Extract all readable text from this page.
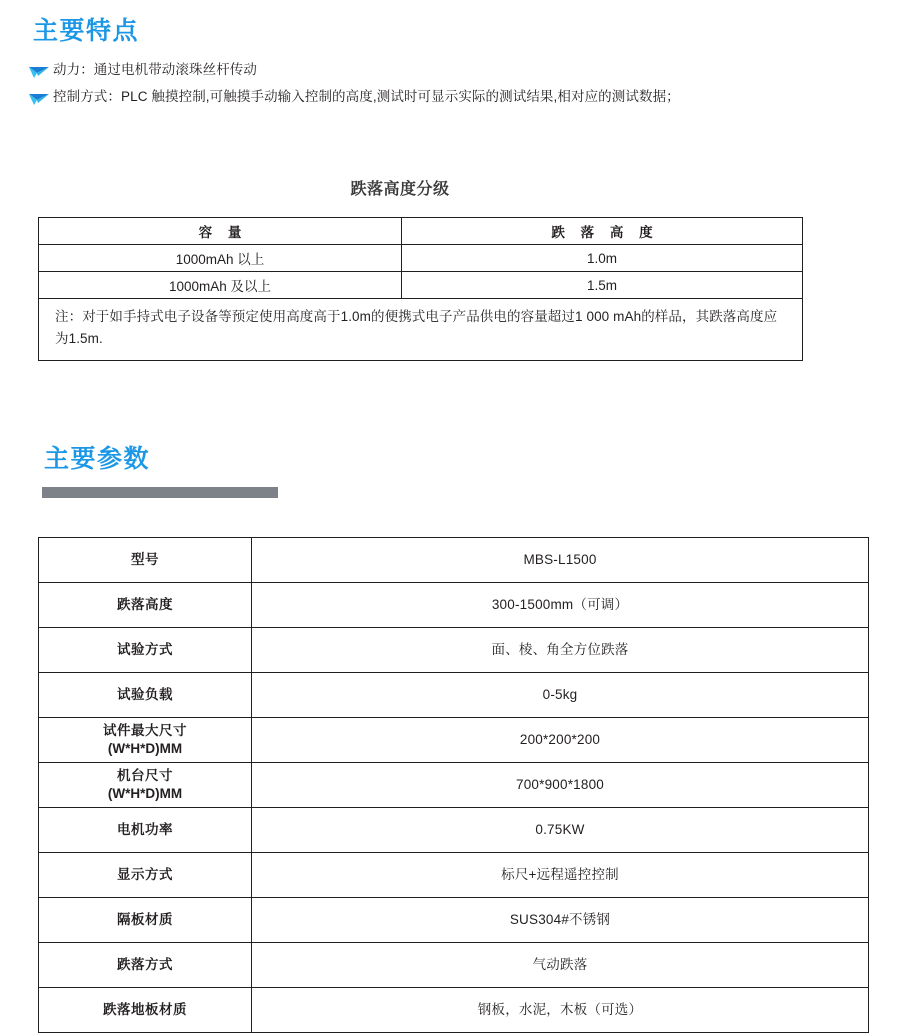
主要特点
动力：通过电机带动滚珠丝杆传动
控制方式：PLC 触摸控制,可触摸手动输入控制的高度,测试时可显示实际的测试结果,相对应的测试数据；
跌落高度分级
容 量	跌 落 高 度
1000mAh 以上	1.0m
1000mAh 及以上	1.5m
注：对于如手持式电子设备等预定使用高度高于1.0m的便携式电子产品供电的容量超过1 000 mAh的样品，其跌落高度应为1.5m.	
主要参数
型号	MBS-L1500
跌落高度	300-1500mm（可调）
试验方式	面、棱、角全方位跌落
试验负载	0-5kg
试件最大尺寸
(W*H*D)MM	200*200*200
机台尺寸
(W*H*D)MM	700*900*1800
电机功率	0.75KW
显示方式	标尺+远程遥控控制
隔板材质	SUS304#不锈钢
跌落方式	气动跌落
跌落地板材质	钢板，水泥，木板（可选）
